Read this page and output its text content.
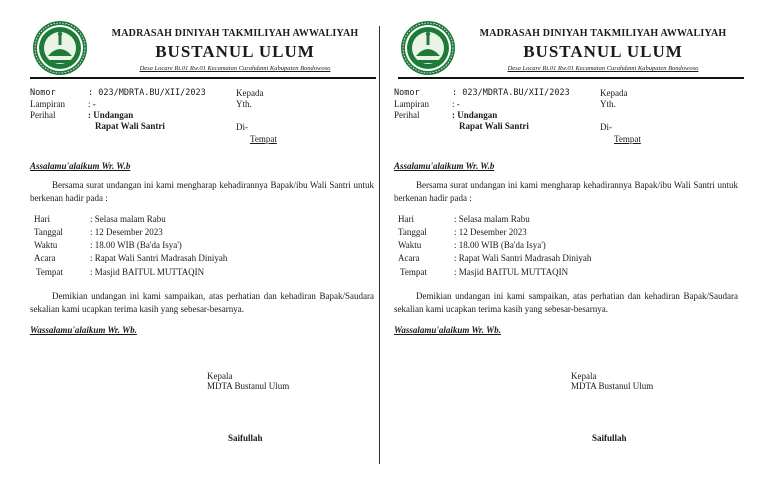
MADRASAH DINIYAH TAKMILIYAH AWWALIYAH
BUSTANUL ULUM
Desa Locare Rt.01 Rw.01 Kecamatan Curahdami Kabupaten Bondowoso
Nomor	: 023/MDRTA.BU/XII/2023
Lampiran	: -
Perihal	: Undangan
Rapat Wali Santri
Kepada
Yth.
Di-
Tempat
Assalamu'alaikum Wr. W.b
Bersama surat undangan ini kami mengharap kehadirannya Bapak/ibu Wali Santri untuk berkenan hadir pada :
Hari	: Selasa malam Rabu
Tanggal	: 12 Desember 2023
Waktu	: 18.00 WIB (Ba'da Isya')
Acara	: Rapat Wali Santri Madrasah Diniyah
Tempat	: Masjid BAITUL MUTTAQIN
Demikian undangan ini kami sampaikan, atas perhatian dan kehadiran Bapak/Saudara sekalian kami ucapkan terima kasih yang sebesar-besarnya.
Wassalamu'alaikum Wr. Wb.
Kepala
MDTA Bustanul Ulum
Saifullah
MADRASAH DINIYAH TAKMILIYAH AWWALIYAH
BUSTANUL ULUM
Desa Locare Rt.01 Rw.01 Kecamatan Curahdami Kabupaten Bondowoso
Nomor	: 023/MDRTA.BU/XII/2023
Lampiran	: -
Perihal	: Undangan
Rapat Wali Santri
Kepada
Yth.
Di-
Tempat
Assalamu'alaikum Wr. W.b
Bersama surat undangan ini kami mengharap kehadirannya Bapak/ibu Wali Santri untuk berkenan hadir pada :
Hari	: Selasa malam Rabu
Tanggal	: 12 Desember 2023
Waktu	: 18.00 WIB (Ba'da Isya')
Acara	: Rapat Wali Santri Madrasah Diniyah
Tempat	: Masjid BAITUL MUTTAQIN
Demikian undangan ini kami sampaikan, atas perhatian dan kehadiran Bapak/Saudara sekalian kami ucapkan terima kasih yang sebesar-besarnya.
Wassalamu'alaikum Wr. Wb.
Kepala
MDTA Bustanul Ulum
Saifullah
